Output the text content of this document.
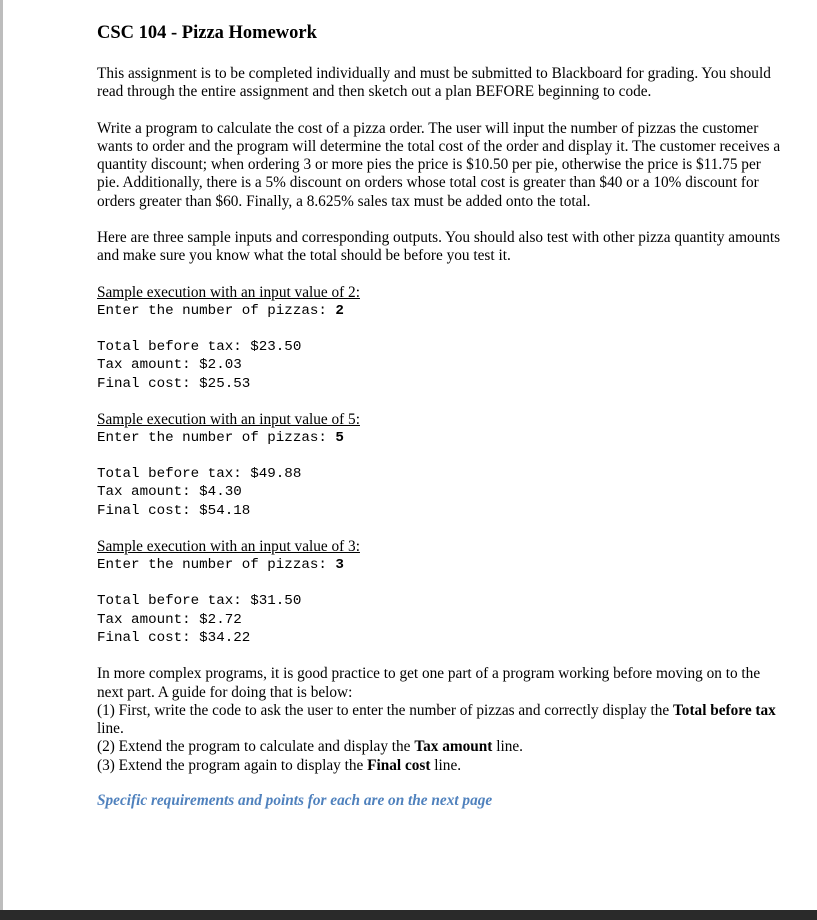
CSC 104 - Pizza Homework

This assignment is to be completed individually and must be submitted to Blackboard for grading. You should read through the entire assignment and then sketch out a plan BEFORE beginning to code.

Write a program to calculate the cost of a pizza order. The user will input the number of pizzas the customer wants to order and the program will determine the total cost of the order and display it. The customer receives a quantity discount; when ordering 3 or more pies the price is $10.50 per pie, otherwise the price is $11.75 per pie. Additionally, there is a 5% discount on orders whose total cost is greater than $40 or a 10% discount for orders greater than $60. Finally, a 8.625% sales tax must be added onto the total.

Here are three sample inputs and corresponding outputs. You should also test with other pizza quantity amounts and make sure you know what the total should be before you test it.

Sample execution with an input value of 2:

Enter the number of pizzas: 2

Total before tax: $23.50

Tax amount: $2.03

Final cost: $25.53

Sample execution with an input value of 5:

Enter the number of pizzas: 5

Total before tax: $49.88

Tax amount: $4.30

Final cost: $54.18

Sample execution with an input value of 3:

Enter the number of pizzas: 3

Total before tax: $31.50

Tax amount: $2.72

Final cost: $34.22

In more complex programs, it is good practice to get one part of a program working before moving on to the next part. A guide for doing that is below:

(1) First, write the code to ask the user to enter the number of pizzas and correctly display the Total before tax line.

(2) Extend the program to calculate and display the Tax amount line.

(3) Extend the program again to display the Final cost line.

Specific requirements and points for each are on the next page
